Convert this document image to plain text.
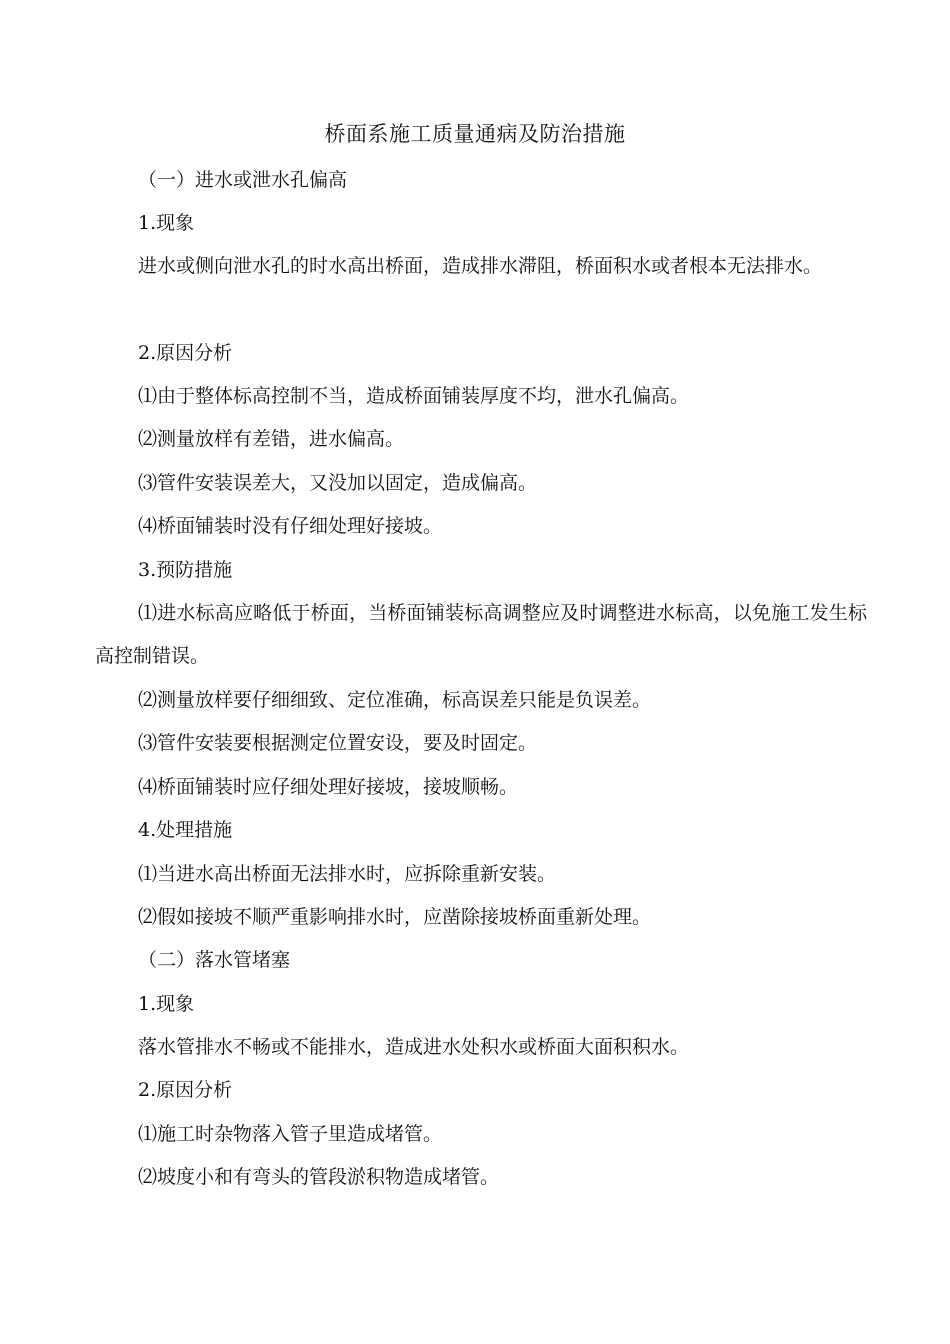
桥面系施工质量通病及防治措施

（一）进水或泄水孔偏高

1.现象

进水或侧向泄水孔的时水高出桥面，造成排水滞阻，桥面积水或者根本无法排水。

2.原因分析

⑴由于整体标高控制不当，造成桥面铺装厚度不均，泄水孔偏高。

⑵测量放样有差错，进水偏高。

⑶管件安装误差大，又没加以固定，造成偏高。

⑷桥面铺装时没有仔细处理好接坡。

3.预防措施

⑴进水标高应略低于桥面，当桥面铺装标高调整应及时调整进水标高，以免施工发生标高控制错误。

⑵测量放样要仔细细致、定位准确，标高误差只能是负误差。

⑶管件安装要根据测定位置安设，要及时固定。

⑷桥面铺装时应仔细处理好接坡，接坡顺畅。

4.处理措施

⑴当进水高出桥面无法排水时，应拆除重新安装。

⑵假如接坡不顺严重影响排水时，应凿除接坡桥面重新处理。

（二）落水管堵塞

1.现象

落水管排水不畅或不能排水，造成进水处积水或桥面大面积积水。

2.原因分析

⑴施工时杂物落入管子里造成堵管。

⑵坡度小和有弯头的管段淤积物造成堵管。
